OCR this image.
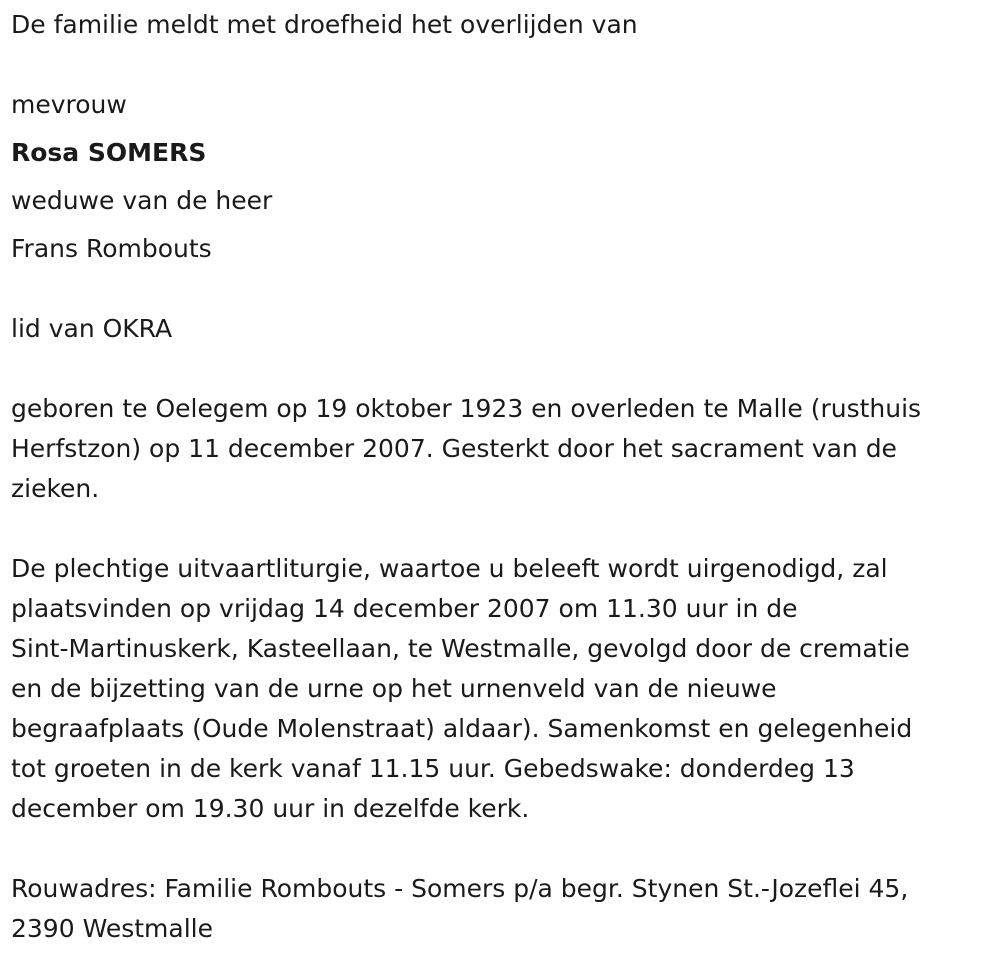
De familie meldt met droefheid het overlijden van
mevrouw
Rosa SOMERS
weduwe van de heer
Frans Rombouts
lid van OKRA
geboren te Oelegem op 19 oktober 1923 en overleden te Malle (rusthuis
Herfstzon) op 11 december 2007. Gesterkt door het sacrament van de
zieken.
De plechtige uitvaartliturgie, waartoe u beleeft wordt uirgenodigd, zal
plaatsvinden op vrijdag 14 december 2007 om 11.30 uur in de
Sint-Martinuskerk, Kasteellaan, te Westmalle, gevolgd door de crematie
en de bijzetting van de urne op het urnenveld van de nieuwe
begraafplaats (Oude Molenstraat) aldaar). Samenkomst en gelegenheid
tot groeten in de kerk vanaf 11.15 uur. Gebedswake: donderdeg 13
december om 19.30 uur in dezelfde kerk.
Rouwadres: Familie Rombouts - Somers p/a begr. Stynen St.-Jozeflei 45,
2390 Westmalle
